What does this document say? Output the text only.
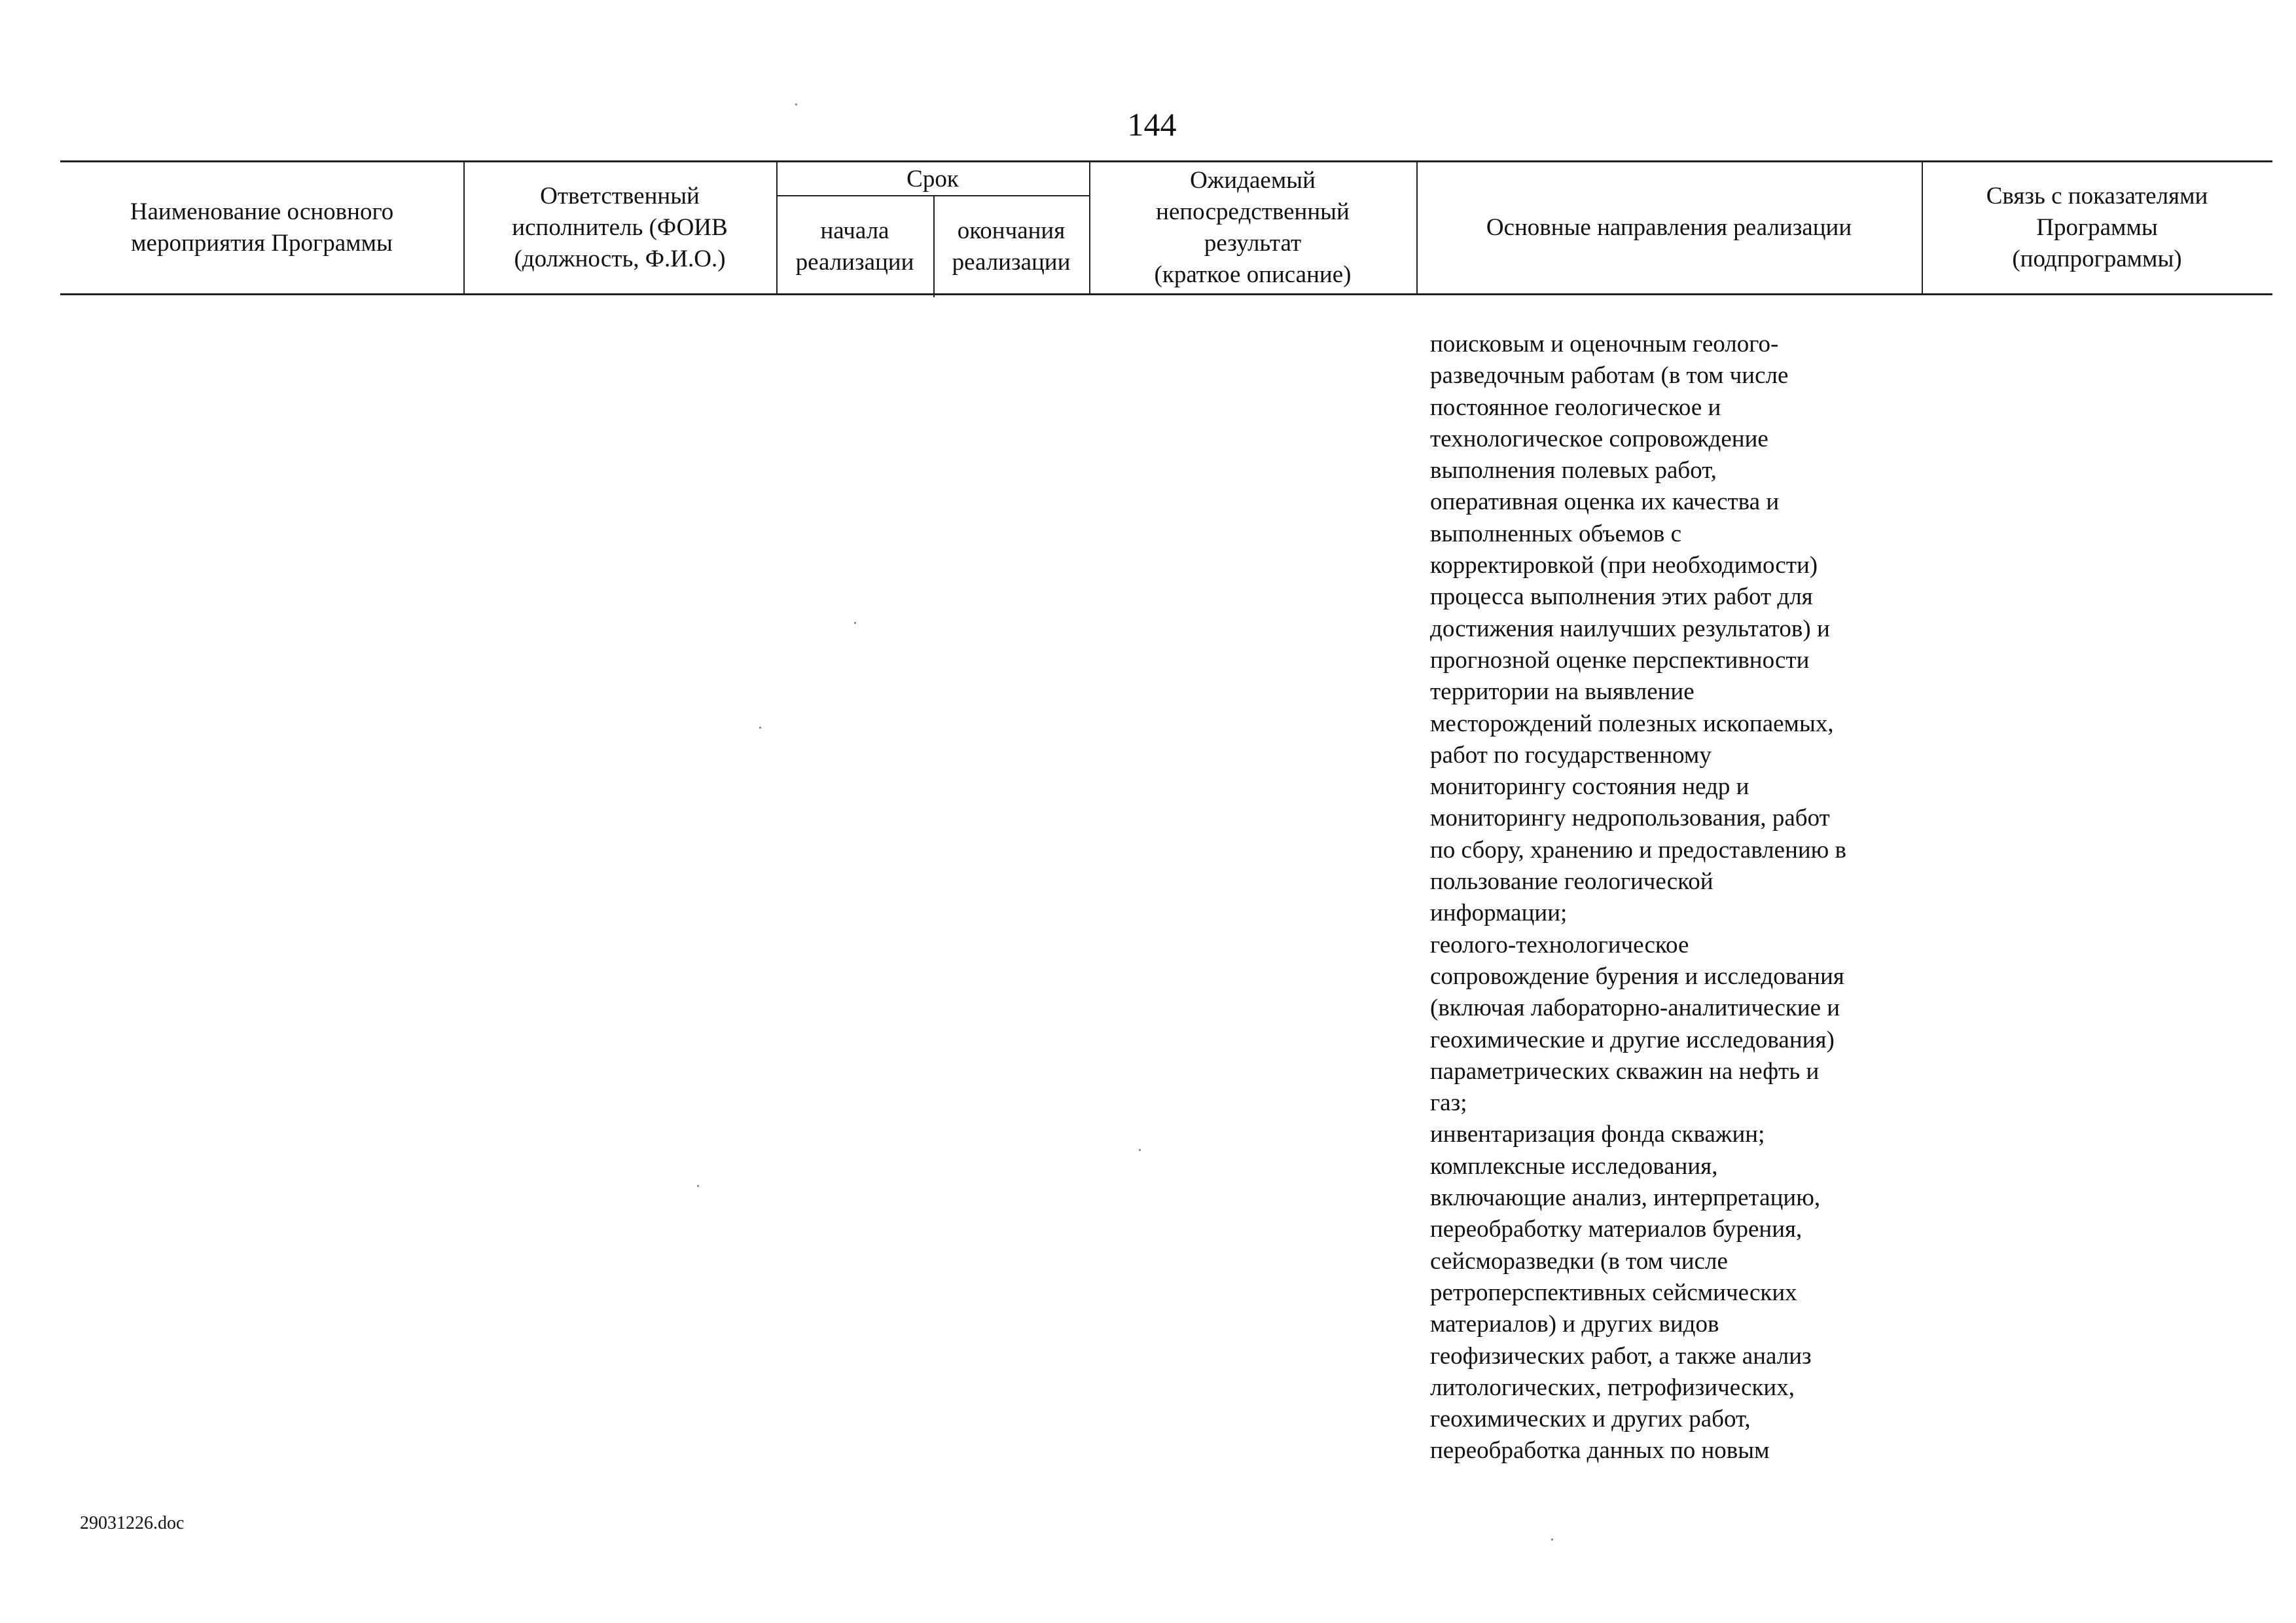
144
Наименование основного
мероприятия Программы
Ответственный
исполнитель (ФОИВ
(должность, Ф.И.О.)
Срок
начала
реализации
окончания
реализации
Ожидаемый
непосредственный
результат
(краткое описание)
Основные направления реализации
Связь с показателями
Программы
(подпрограммы)
поисковым и оценочным геолого-
разведочным работам (в том числе
постоянное геологическое и
технологическое сопровождение
выполнения полевых работ,
оперативная оценка их качества и
выполненных объемов с
корректировкой (при необходимости)
процесса выполнения этих работ для
достижения наилучших результатов) и
прогнозной оценке перспективности
территории на выявление
месторождений полезных ископаемых,
работ по государственному
мониторингу состояния недр и
мониторингу недропользования, работ
по сбору, хранению и предоставлению в
пользование геологической
информации;
геолого-технологическое
сопровождение бурения и исследования
(включая лабораторно-аналитические и
геохимические и другие исследования)
параметрических скважин на нефть и
газ;
инвентаризация фонда скважин;
комплексные исследования,
включающие анализ, интерпретацию,
переобработку материалов бурения,
сейсморазведки (в том числе
ретроперспективных сейсмических
материалов) и других видов
геофизических работ, а также анализ
литологических, петрофизических,
геохимических и других работ,
переобработка данных по новым
29031226.doc
